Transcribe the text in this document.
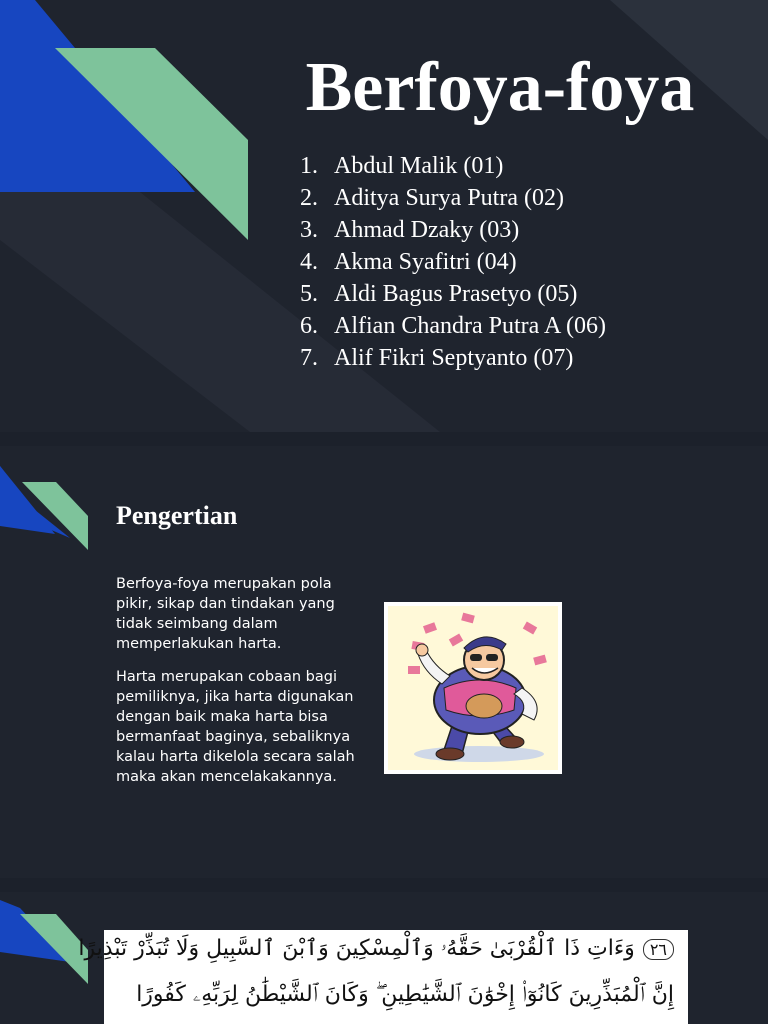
Berfoya-foya
1. Abdul Malik (01)
2. Aditya Surya Putra (02)
3. Ahmad Dzaky (03)
4. Akma Syafitri (04)
5. Aldi Bagus Prasetyo (05)
6. Alfian Chandra Putra A (06)
7. Alif Fikri Septyanto (07)
Pengertian

Berfoya-foya merupakan pola pikir, sikap dan tindakan yang tidak seimbang dalam memperlakukan harta.

Harta merupakan cobaan bagi pemiliknya, jika harta digunakan dengan baik maka harta bisa bermanfaat baginya, sebaliknya kalau harta dikelola secara salah maka akan mencelakakannya.

٢٦وَءَاتِ ذَا ٱلْقُرْبَىٰ حَقَّهُۥ وَٱلْمِسْكِينَ وَٱبْنَ ٱلسَّبِيلِ وَلَا تُبَذِّرْ تَبْذِيرًا
إِنَّ ٱلْمُبَذِّرِينَ كَانُوٓا۟ إِخْوَٰنَ ٱلشَّيَٰطِينِ ۖ وَكَانَ ٱلشَّيْطَٰنُ لِرَبِّهِۦ كَفُورًا
